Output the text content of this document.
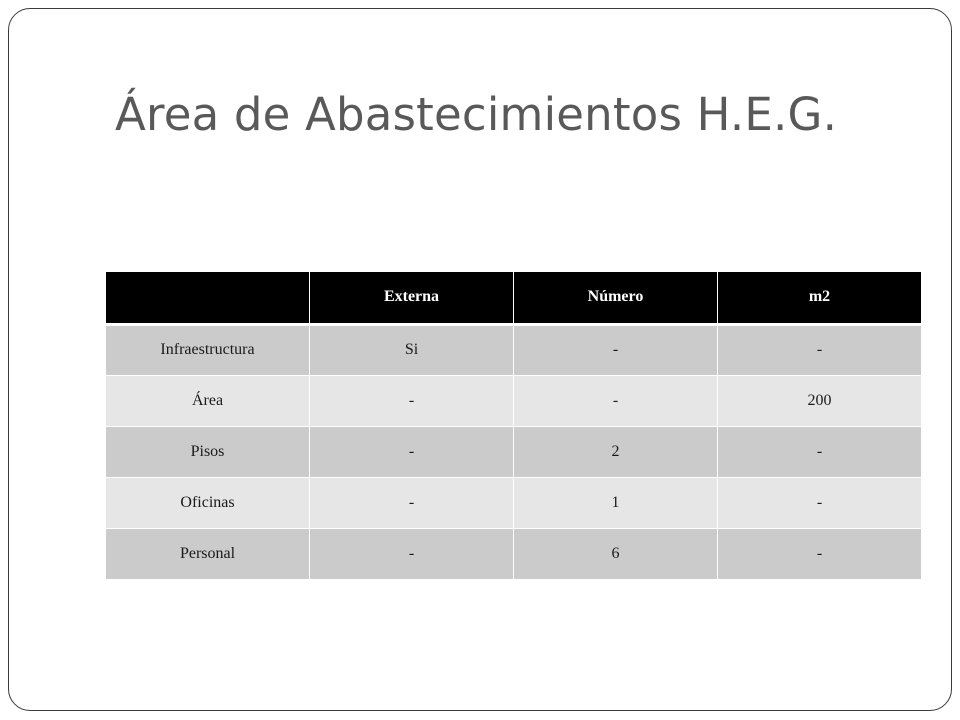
Área de Abastecimientos H.E.G.
	Externa	Número	m2
Infraestructura	Si	-	-
Área	-	-	200
Pisos	-	2	-
Oficinas	-	1	-
Personal	-	6	-
